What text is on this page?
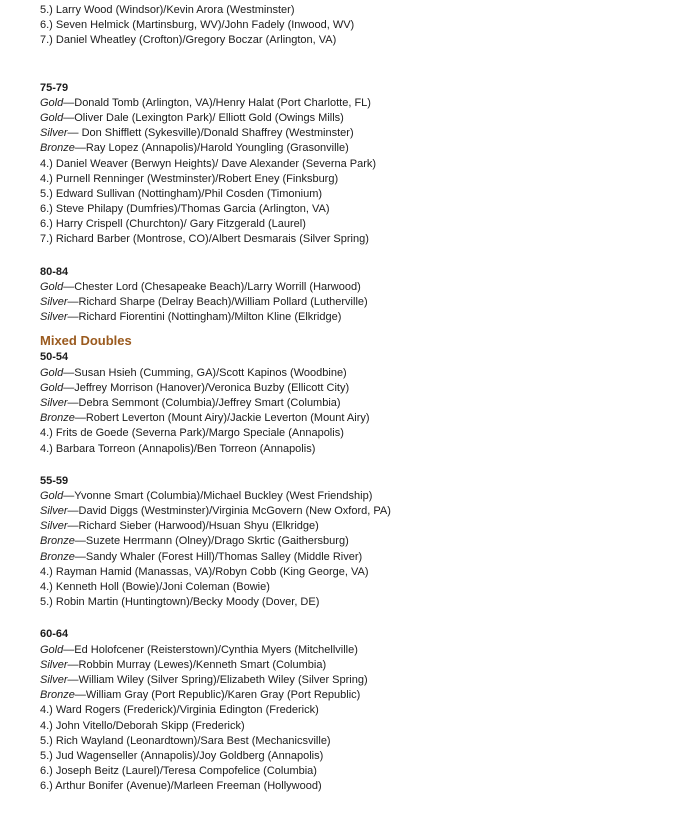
5.) Larry Wood (Windsor)/Kevin Arora (Westminster)
6.) Seven Helmick (Martinsburg, WV)/John Fadely (Inwood, WV)
7.) Daniel Wheatley (Crofton)/Gregory Boczar (Arlington, VA)
75-79
Gold—Donald Tomb (Arlington, VA)/Henry Halat (Port Charlotte, FL)
Gold—Oliver Dale (Lexington Park)/ Elliott Gold (Owings Mills)
Silver— Don Shifflett (Sykesville)/Donald Shaffrey (Westminster)
Bronze—Ray Lopez (Annapolis)/Harold Youngling (Grasonville)
4.) Daniel Weaver (Berwyn Heights)/ Dave Alexander (Severna Park)
4.) Purnell Renninger (Westminster)/Robert Eney (Finksburg)
5.) Edward Sullivan (Nottingham)/Phil Cosden (Timonium)
6.) Steve Philapy (Dumfries)/Thomas Garcia (Arlington, VA)
6.) Harry Crispell (Churchton)/ Gary Fitzgerald (Laurel)
7.) Richard Barber (Montrose, CO)/Albert Desmarais (Silver Spring)
80-84
Gold—Chester Lord (Chesapeake Beach)/Larry Worrill (Harwood)
Silver—Richard Sharpe (Delray Beach)/William Pollard (Lutherville)
Silver—Richard Fiorentini (Nottingham)/Milton Kline (Elkridge)
Mixed Doubles
50-54
Gold—Susan Hsieh (Cumming, GA)/Scott Kapinos (Woodbine)
Gold—Jeffrey Morrison (Hanover)/Veronica Buzby (Ellicott City)
Silver—Debra Semmont (Columbia)/Jeffrey Smart (Columbia)
Bronze—Robert Leverton (Mount Airy)/Jackie Leverton (Mount Airy)
4.) Frits de Goede (Severna Park)/Margo Speciale (Annapolis)
4.) Barbara Torreon (Annapolis)/Ben Torreon (Annapolis)
55-59
Gold—Yvonne Smart (Columbia)/Michael Buckley (West Friendship)
Silver—David Diggs (Westminster)/Virginia McGovern (New Oxford, PA)
Silver—Richard Sieber (Harwood)/Hsuan Shyu (Elkridge)
Bronze—Suzete Herrmann (Olney)/Drago Skrtic (Gaithersburg)
Bronze—Sandy Whaler (Forest Hill)/Thomas Salley (Middle River)
4.) Rayman Hamid (Manassas, VA)/Robyn Cobb (King George, VA)
4.) Kenneth Holl (Bowie)/Joni Coleman (Bowie)
5.) Robin Martin (Huntingtown)/Becky Moody (Dover, DE)
60-64
Gold—Ed Holofcener (Reisterstown)/Cynthia Myers (Mitchellville)
Silver—Robbin Murray (Lewes)/Kenneth Smart (Columbia)
Silver—William Wiley (Silver Spring)/Elizabeth Wiley (Silver Spring)
Bronze—William Gray (Port Republic)/Karen Gray (Port Republic)
4.) Ward Rogers (Frederick)/Virginia Edington (Frederick)
4.) John Vitello/Deborah Skipp (Frederick)
5.) Rich Wayland (Leonardtown)/Sara Best (Mechanicsville)
5.) Jud Wagenseller (Annapolis)/Joy Goldberg (Annapolis)
6.) Joseph Beitz (Laurel)/Teresa Compofelice (Columbia)
6.) Arthur Bonifer (Avenue)/Marleen Freeman (Hollywood)
